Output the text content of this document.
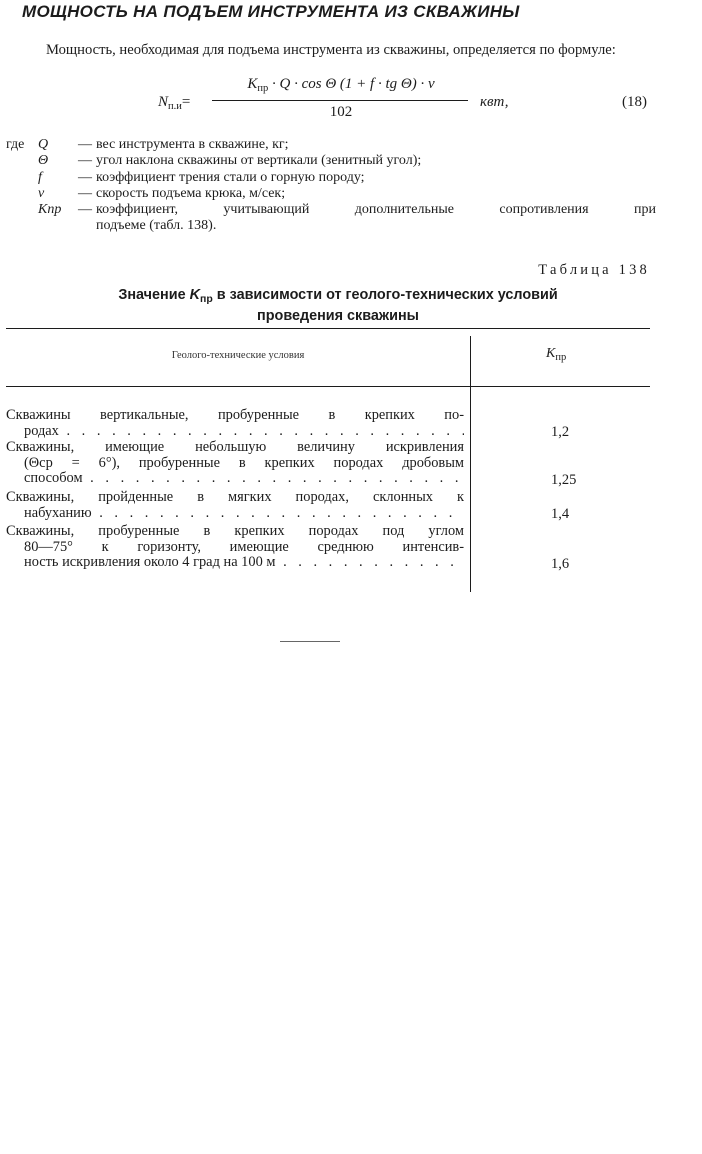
МОЩНОСТЬ НА ПОДЪЕМ ИНСТРУМЕНТА ИЗ СКВАЖИНЫ
Мощность, необходимая для подъема инструмента из скважины, определяется по формуле:
$N_{п.и}=$
$K_{пр} \cdot Q \cdot \cos \Theta$ (1 + f · tg Θ) · v
102
квт,	(18)
где Q — вес инструмента в скважине, кг;
Θ — угол наклона скважины от вертикали (зенитный угол);
f	— коэффициент трения стали о горную породу;
v — скорость подъема крюка, м/сек;
Kпр — коэффициент, учитывающий дополнительные сопротивления при
подъеме (табл. 138).
Таблица 138
Значение $K_{пр}$ в зависимости от геолого-технических условий
проведения скважины
Геолого-технические условия	$K_{пр}$
Скважины вертикальные, пробуренные в крепких по-
родах . . .	1,2
Скважины, имеющие небольшую величину искривления
(Θср = 6°), пробуренные в крепких породах дробовым
способом . . .	1,25
Скважины, пройденные в мягких породах, склонных к
набуханию . . .	1,4
Скважины, пробуренные в крепких породах под углом
80—75° к горизонту, имеющие среднюю интенсив-
ность искривления около 4 град на 100 м . . .	1,6
